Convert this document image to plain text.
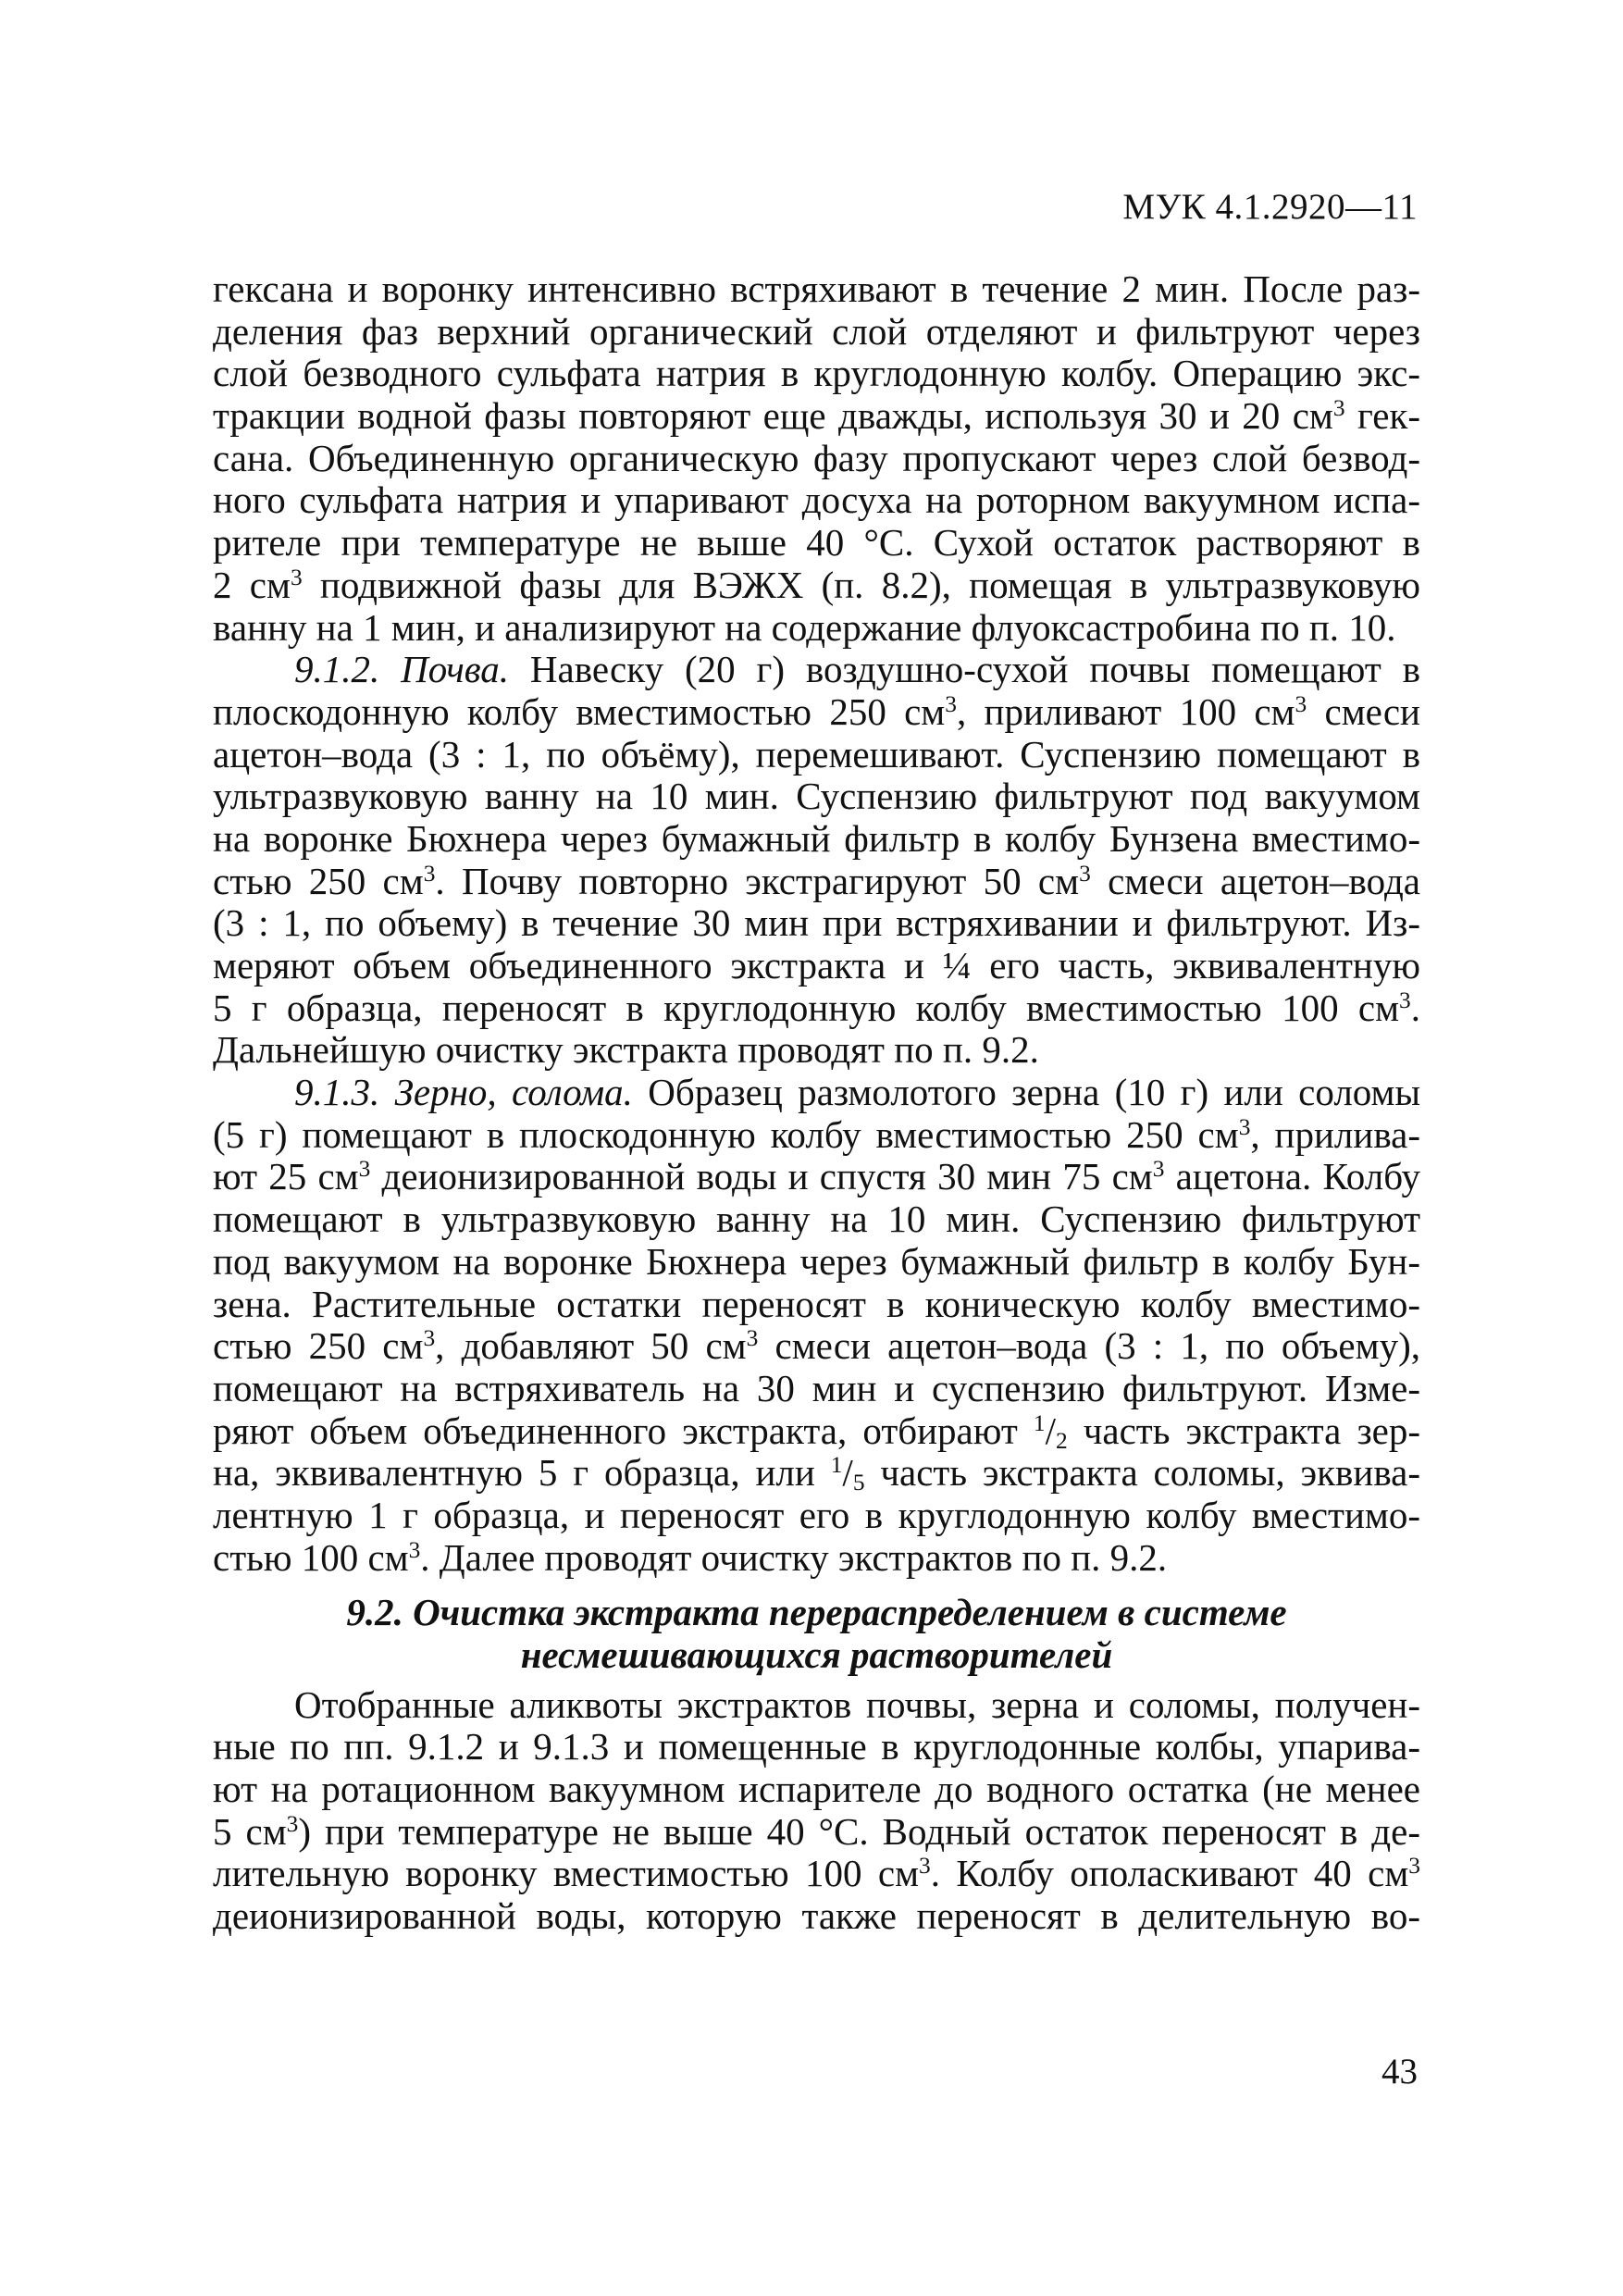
МУК 4.1.2920—11
гексана и воронку интенсивно встряхивают в течение 2 мин. После раз-
деления фаз верхний органический слой отделяют и фильтруют через
слой безводного сульфата натрия в круглодонную колбу. Операцию экс-
тракции водной фазы повторяют еще дважды, используя 30 и 20 $см^3$ гек-
сана. Объединенную органическую фазу пропускают через слой безвод-
ного сульфата натрия и упаривают досуха на роторном вакуумном испа-
рителе при температуре не выше 40 °С. Сухой остаток растворяют в
2 $см^3$ подвижной фазы для ВЭЖХ (п. 8.2), помещая в ультразвуковую
ванну на 1 мин, и анализируют на содержание флуоксастробина по п. 10.
9.1.2. Почва. Навеску (20 г) воздушно-сухой почвы помещают в
плоскодонную колбу вместимостью 250 $см^3$, приливают 100 $см^3$ смеси
ацетон–вода (3 : 1, по объёму), перемешивают. Суспензию помещают в
ультразвуковую ванну на 10 мин. Суспензию фильтруют под вакуумом
на воронке Бюхнера через бумажный фильтр в колбу Бунзена вместимо-
стью 250 $см^3$. Почву повторно экстрагируют 50 $см^3$ смеси ацетон–вода
(3 : 1, по объему) в течение 30 мин при встряхивании и фильтруют. Из-
меряют объем объединенного экстракта и ¼ его часть, эквивалентную
5 г образца, переносят в круглодонную колбу вместимостью 100 $см^3$.
Дальнейшую очистку экстракта проводят по п. 9.2.
9.1.3. Зерно, солома. Образец размолотого зерна (10 г) или соломы
(5 г) помещают в плоскодонную колбу вместимостью 250 $см^3$, прилива-
ют 25 $см^3$ деионизированной воды и спустя 30 мин 75 $см^3$ ацетона. Колбу
помещают в ультразвуковую ванну на 10 мин. Суспензию фильтруют
под вакуумом на воронке Бюхнера через бумажный фильтр в колбу Бун-
зена. Растительные остатки переносят в коническую колбу вместимо-
стью 250 $см^3$, добавляют 50 $см^3$ смеси ацетон–вода (3 : 1, по объему),
помещают на встряхиватель на 30 мин и суспензию фильтруют. Изме-
ряют объем объединенного экстракта, отбирают $^1/_2$ часть экстракта зер-
на, эквивалентную 5 г образца, или $^1/_5$ часть экстракта соломы, эквива-
лентную 1 г образца, и переносят его в круглодонную колбу вместимо-
стью 100 $см^3$. Далее проводят очистку экстрактов по п. 9.2.
9.2. Очистка экстракта перераспределением в системе
несмешивающихся растворителей
Отобранные аликвоты экстрактов почвы, зерна и соломы, получен-
ные по пп. 9.1.2 и 9.1.3 и помещенные в круглодонные колбы, упарива-
ют на ротационном вакуумном испарителе до водного остатка (не менее
5 $см^3$) при температуре не выше 40 °С. Водный остаток переносят в де-
лительную воронку вместимостью 100 $см^3$. Колбу ополаскивают 40 $см^3$
деионизированной воды, которую также переносят в делительную во-
43
